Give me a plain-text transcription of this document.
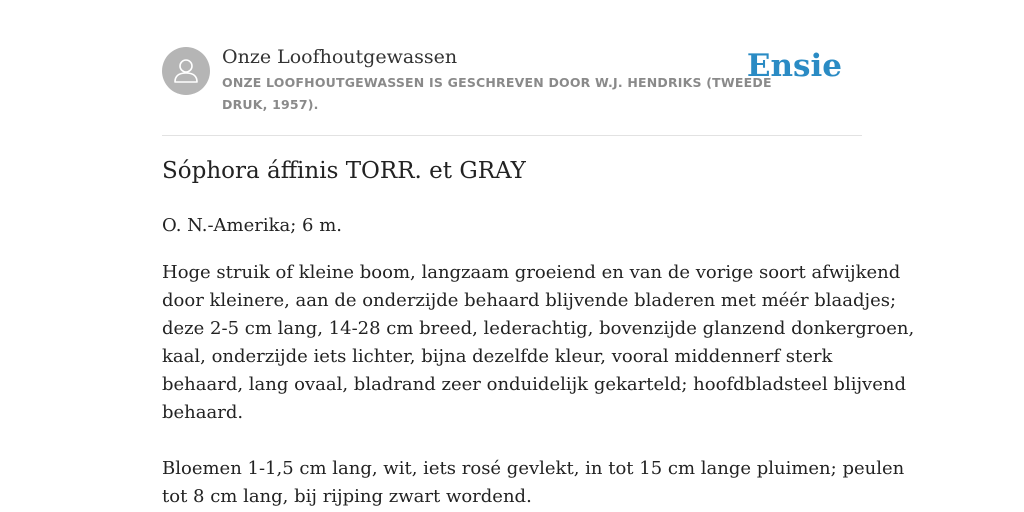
Onze Loofhoutgewassen
ONZE LOOFHOUTGEWASSEN IS GESCHREVEN DOOR W.J. HENDRIKS (TWEEDE
DRUK, 1957).
Ensie
Sóphora áffinis TORR. et GRAY

O. N.-Amerika; 6 m.

Hoge struik of kleine boom, langzaam groeiend en van de vorige soort afwijkend
door kleinere, aan de onderzijde behaard blijvende bladeren met méér blaadjes;
deze 2-5 cm lang, 14-28 cm breed, lederachtig, bovenzijde glanzend donkergroen,
kaal, onderzijde iets lichter, bijna dezelfde kleur, vooral middennerf sterk
behaard, lang ovaal, bladrand zeer onduidelijk gekarteld; hoofdbladsteel blijvend
behaard.

Bloemen 1-1,5 cm lang, wit, iets rosé gevlekt, in tot 15 cm lange pluimen; peulen
tot 8 cm lang, bij rijping zwart wordend.
